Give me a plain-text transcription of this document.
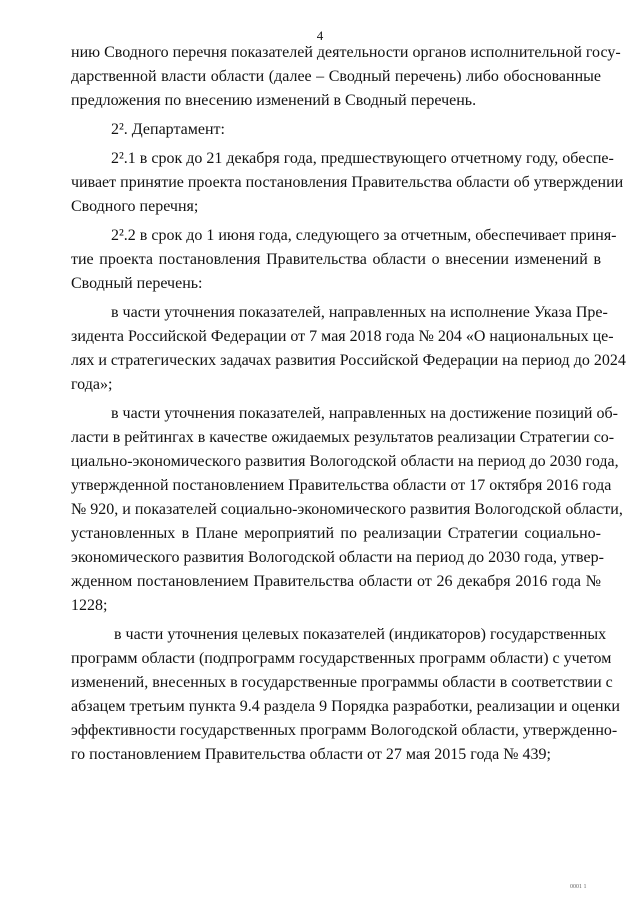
4
нию Сводного перечня показателей деятельности органов исполнительной госу-
дарственной власти области (далее – Сводный перечень) либо обоснованные
предложения по внесению изменений в Сводный перечень.
2². Департамент:
2².1 в срок до 21 декабря года, предшествующего отчетному году, обеспе-
чивает принятие проекта постановления Правительства области об утверждении
Сводного перечня;
2².2 в срок до 1 июня года, следующего за отчетным, обеспечивает приня-
тие проекта постановления Правительства области о внесении изменений в
Сводный перечень:
в части уточнения показателей, направленных на исполнение Указа Пре-
зидента Российской Федерации от 7 мая 2018 года № 204 «О национальных це-
лях и стратегических задачах развития Российской Федерации на период до 2024
года»;
в части уточнения показателей, направленных на достижение позиций об-
ласти в рейтингах в качестве ожидаемых результатов реализации Стратегии со-
циально-экономического развития Вологодской области на период до 2030 года,
утвержденной постановлением Правительства области от 17 октября 2016 года
№ 920, и показателей социально-экономического развития Вологодской области,
установленных в Плане мероприятий по реализации Стратегии социально-
экономического развития Вологодской области на период до 2030 года, утвер-
жденном постановлением Правительства области от 26 декабря 2016 года №
1228;
в части уточнения целевых показателей (индикаторов) государственных
программ области (подпрограмм государственных программ области) с учетом
изменений, внесенных в государственные программы области в соответствии с
абзацем третьим пункта 9.4 раздела 9 Порядка разработки, реализации и оценки
эффективности государственных программ Вологодской области, утвержденно-
го постановлением Правительства области от 27 мая 2015 года № 439;
0001 1
